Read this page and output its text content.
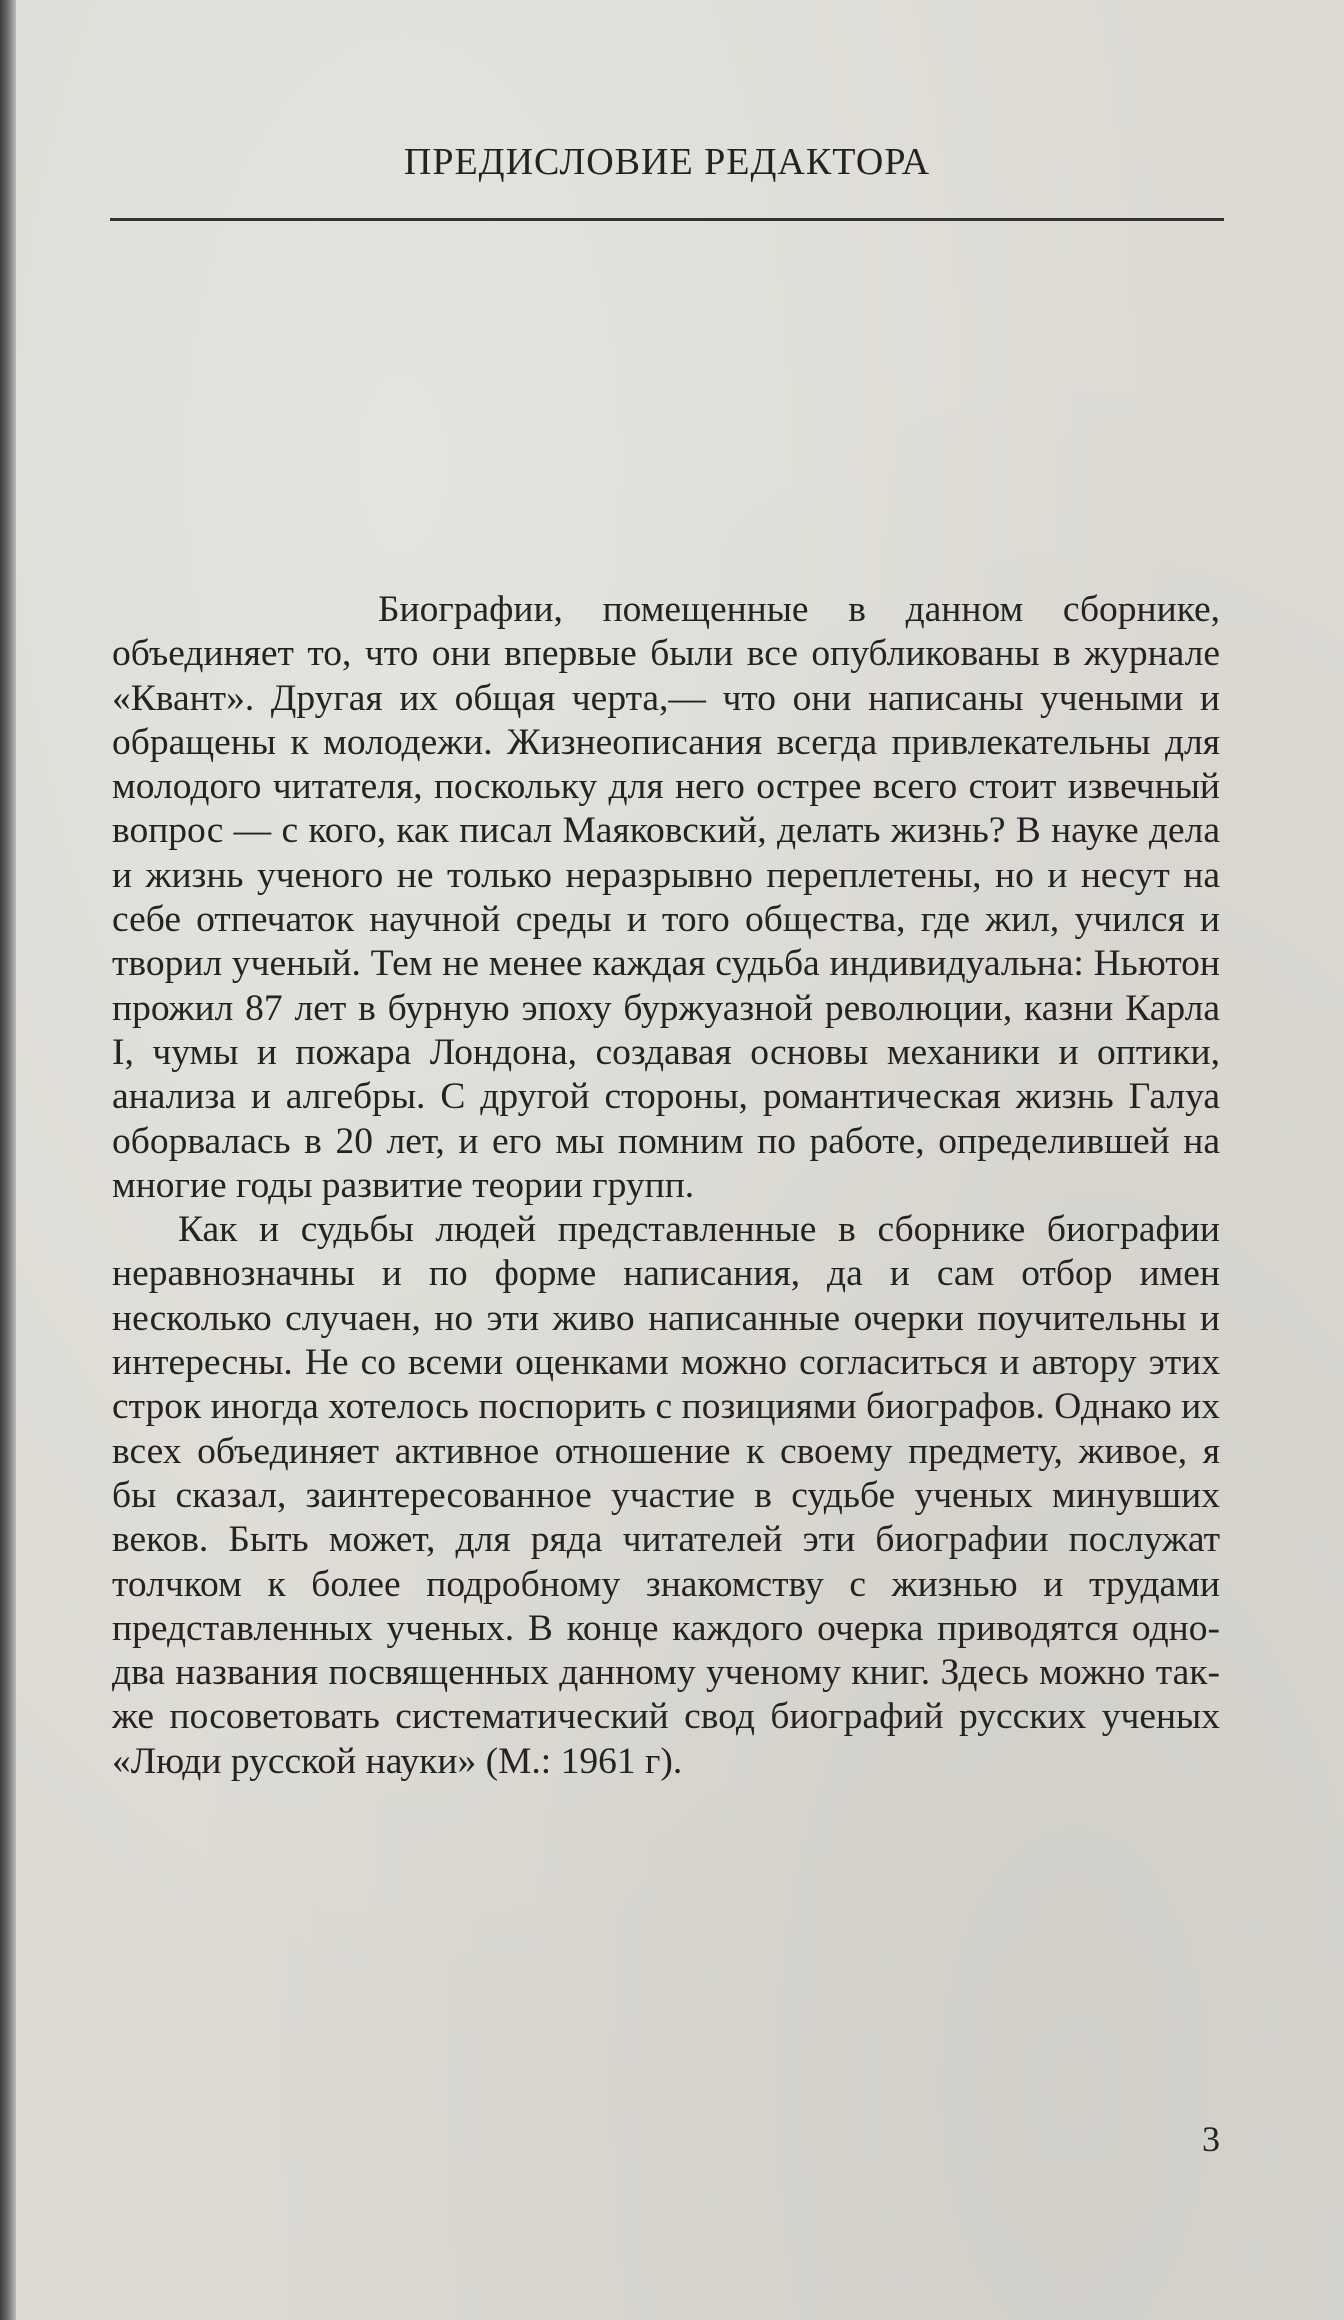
ПРЕДИСЛОВИЕ РЕДАКТОРА

Биографии, помещенные в данном сборнике, объединяет то, что они впервые были все опубликованы в журнале «Квант». Другая их общая черта,— что они написаны учеными и обращены к молодежи. Жизнеописания всегда привлекательны для молодого читателя, поскольку для него острее всего стоит извечный вопрос — с кого, как писал Маяковский, делать жизнь? В науке дела и жизнь ученого не только неразрывно переплетены, но и несут на себе отпечаток научной среды и того общества, где жил, учился и творил ученый. Тем не менее каждая судьба индивидуальна: Ньютон прожил 87 лет в бурную эпоху буржуазной революции, казни Карла I, чумы и пожара Лондона, создавая основы механики и оптики, анализа и алгебры. С другой стороны, романтическая жизнь Галуа оборвалась в 20 лет, и его мы помним по работе, определившей на многие годы развитие теории групп.

Как и судьбы людей представленные в сборнике биографии неравнозначны и по форме написания, да и сам отбор имен несколько случаен, но эти живо написанные очерки поучительны и интересны. Не со всеми оценками можно согласиться и автору этих строк иногда хотелось поспорить с позициями биографов. Однако их всех объединяет активное отношение к своему предмету, живое, я бы сказал, заинтересованное участие в судьбе ученых минувших веков. Быть может, для ряда читателей эти биографии послужат толчком к более подробному знакомству с жизнью и трудами представленных ученых. В конце каждого очерка приводятся одно-два названия посвященных данному ученому книг. Здесь можно также посоветовать систематический свод биографий русских ученых «Люди русской науки» (М.: 1961 г).

3
